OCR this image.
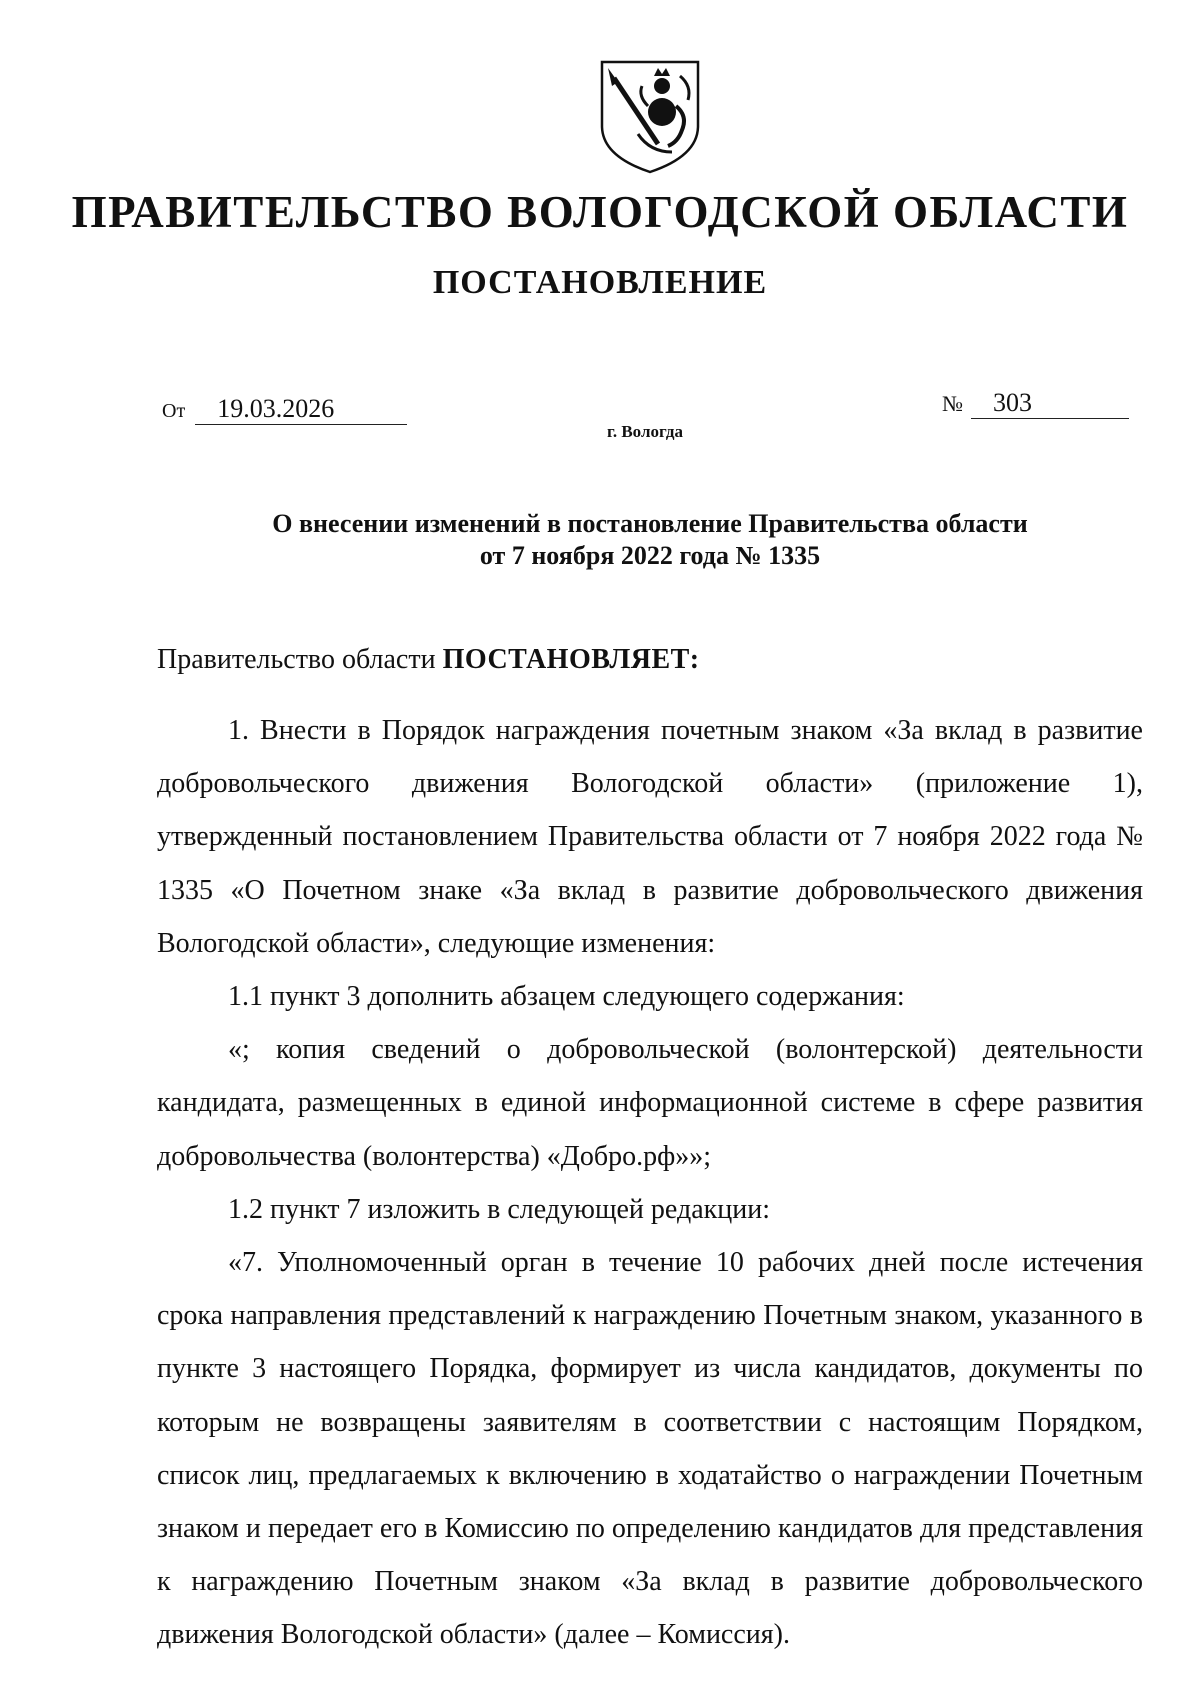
ПРАВИТЕЛЬСТВО ВОЛОГОДСКОЙ ОБЛАСТИ
ПОСТАНОВЛЕНИЕ
От 19.03.2026	№ 303
г. Вологда
О внесении изменений в постановление Правительства области
от 7 ноября 2022 года № 1335
Правительство области ПОСТАНОВЛЯЕТ:

1. Внести в Порядок награждения почетным знаком «За вклад в развитие добровольческого движения Вологодской области» (приложение 1), утвержденный постановлением Правительства области от 7 ноября 2022 года № 1335 «О Почетном знаке «За вклад в развитие добровольческого движения Вологодской области», следующие изменения:

1.1 пункт 3 дополнить абзацем следующего содержания:

«; копия сведений о добровольческой (волонтерской) деятельности кандидата, размещенных в единой информационной системе в сфере развития добровольчества (волонтерства) «Добро.рф»»;

1.2 пункт 7 изложить в следующей редакции:

«7. Уполномоченный орган в течение 10 рабочих дней после истечения срока направления представлений к награждению Почетным знаком, указанного в пункте 3 настоящего Порядка, формирует из числа кандидатов, документы по которым не возвращены заявителям в соответствии с настоящим Порядком, список лиц, предлагаемых к включению в ходатайство о награждении Почетным знаком и передает его в Комиссию по определению кандидатов для представления к награждению Почетным знаком «За вклад в развитие добровольческого движения Вологодской области» (далее – Комиссия).
